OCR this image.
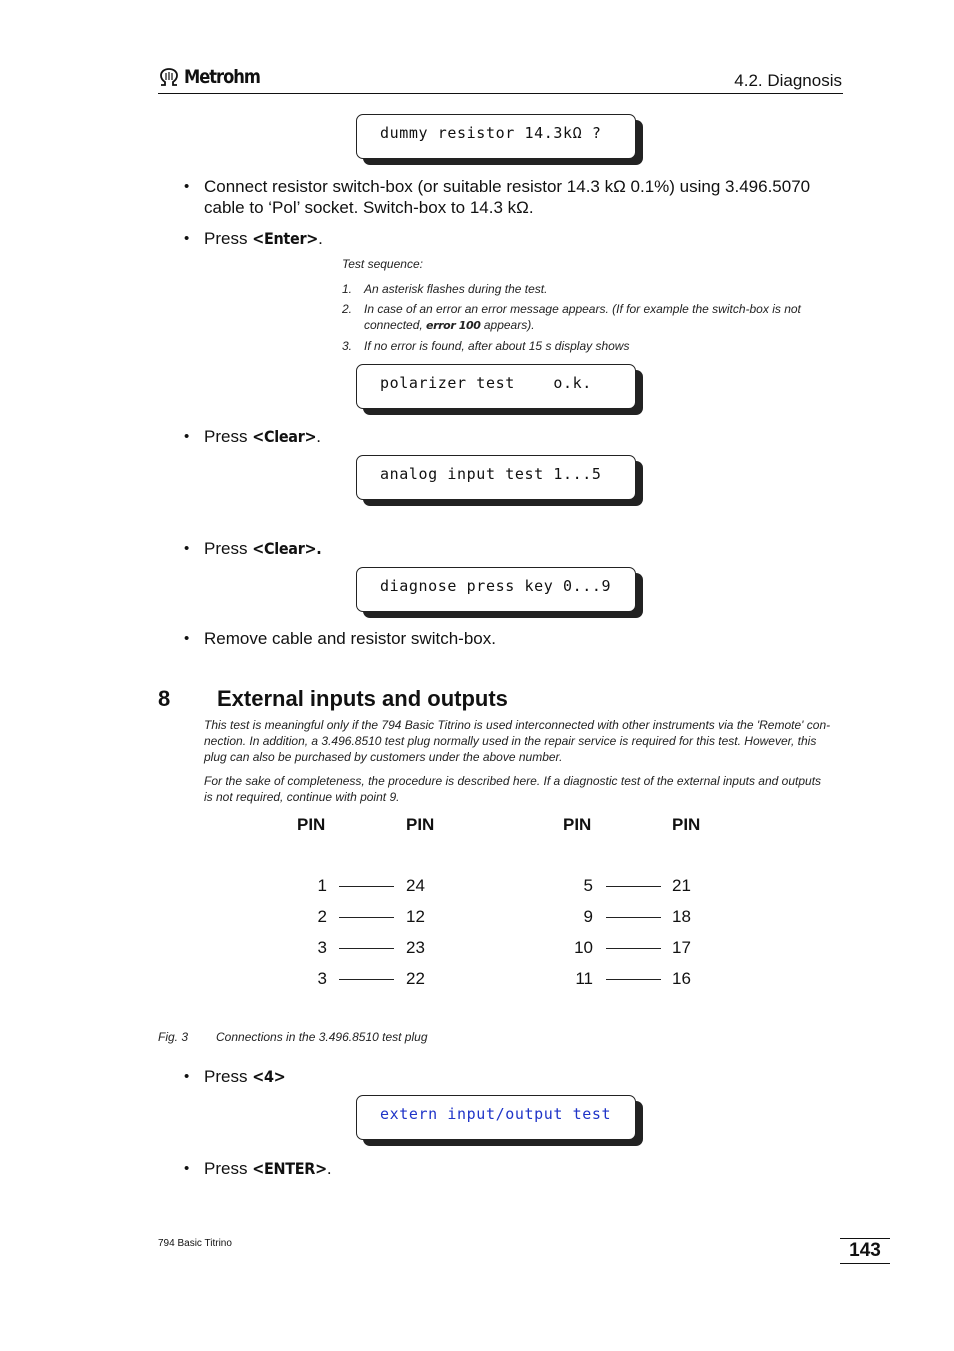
Metrohm	4.2. Diagnosis
dummy resistor 14.3kΩ ?
• Connect resistor switch-box (or suitable resistor 14.3 kΩ 0.1%) using 3.496.5070
cable to ‘Pol’ socket. Switch-box to 14.3 kΩ.
• Press <Enter>.
Test sequence:
1. An asterisk flashes during the test.
2. In case of an error an error message appears. (If for example the switch-box is not
connected, error 100 appears).
3. If no error is found, after about 15 s display shows
polarizer test    o.k.
• Press <Clear>.
analog input test 1...5
• Press <Clear>.
diagnose press key 0...9
• Remove cable and resistor switch-box.
8 External inputs and outputs
This test is meaningful only if the 794 Basic Titrino is used interconnected with other instruments via the 'Remote' con-
nection. In addition, a 3.496.8510 test plug normally used in the repair service is required for this test. However, this
plug can also be purchased by customers under the above number.
For the sake of completeness, the procedure is described here. If a diagnostic test of the external inputs and outputs
is not required, continue with point 9.
PIN	PIN	PIN	PIN
1	24
2	12
3	23
3	22
5	21
9	18
10	17
11	16
Fig. 3 Connections in the 3.496.8510 test plug
• Press <4>
extern input/output test
• Press <ENTER>.
794 Basic Titrino	143
